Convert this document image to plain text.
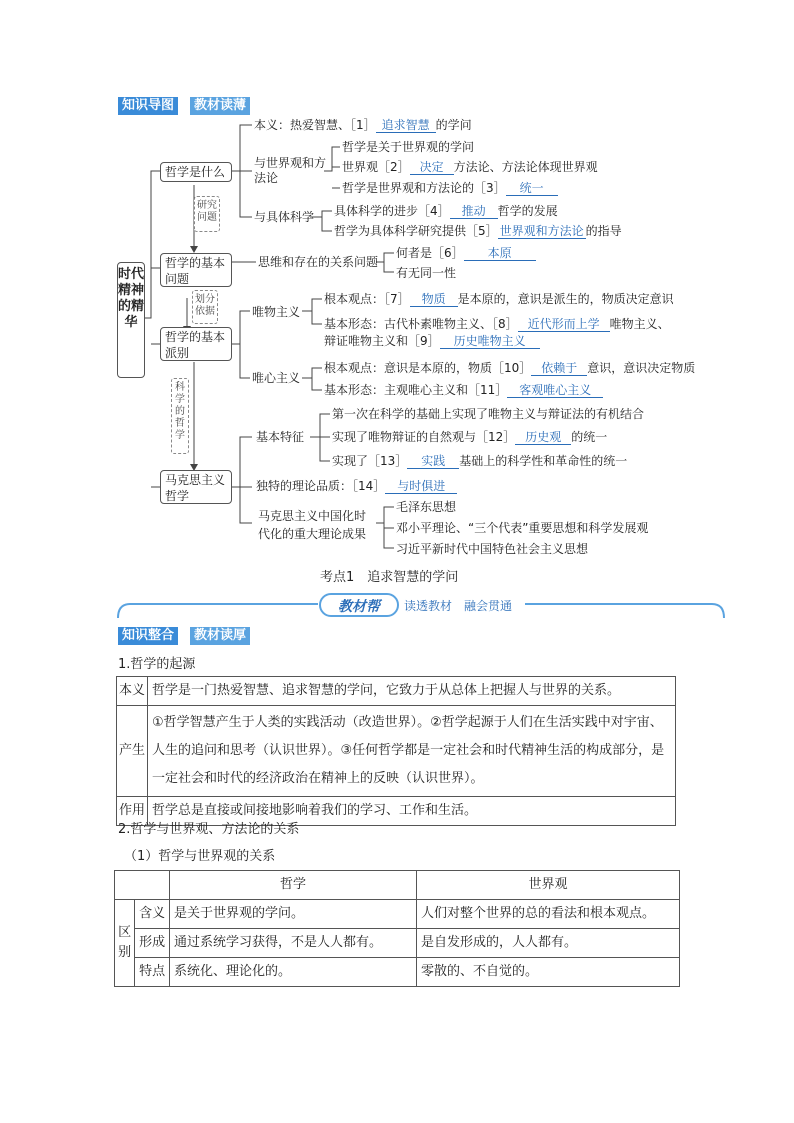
知识导图	教材读薄
时代精神的精华
哲学是什么
哲学的基本问题
哲学的基本派别
马克思主义哲学
研究问题
划分依据
科学的哲学
本义：热爱智慧、［1］ 追求智慧 的学问
与世界观和方法论
哲学是关于世界观的学问
世界观［2］ 决定 方法论、方法论体现世界观
哲学是世界观和方法论的［3］ 统一
与具体科学 具体科学的进步［4］ 推动 哲学的发展
哲学为具体科学研究提供［5］ 世界观和方法论 的指导
思维和存在的关系问题
何者是［6］ 本原
有无同一性
唯物主义
根本观点：［7］ 物质 是本原的，意识是派生的，物质决定意识
基本形态：古代朴素唯物主义、［8］ 近代形而上学 唯物主义、
辩证唯物主义和［9］ 历史唯物主义
唯心主义
根本观点：意识是本原的，物质［10］ 依赖于 意识，意识决定物质
基本形态：主观唯心主义和［11］ 客观唯心主义
基本特征
第一次在科学的基础上实现了唯物主义与辩证法的有机结合
实现了唯物辩证的自然观与［12］ 历史观 的统一
实现了［13］ 实践 基础上的科学性和革命性的统一
独特的理论品质：［14］ 与时俱进
马克思主义中国化时
代化的重大理论成果
毛泽东思想
邓小平理论、“三个代表”重要思想和科学发展观
习近平新时代中国特色社会主义思想
考点1　追求智慧的学问
教材帮	读透教材　融会贯通
知识整合	教材读厚
1.哲学的起源
本义	哲学是一门热爱智慧、追求智慧的学问，它致力于从总体上把握人与世界的关系。
产生	①哲学智慧产生于人类的实践活动（改造世界）。②哲学起源于人们在生活实践中对宇宙、人生的追问和思考（认识世界）。③任何哲学都是一定社会和时代精神生活的构成部分，是一定社会和时代的经济政治在精神上的反映（认识世界）。
作用	哲学总是直接或间接地影响着我们的学习、工作和生活。
2.哲学与世界观、方法论的关系
（1）哲学与世界观的关系
		哲学	世界观
区别	含义	是关于世界观的学问。	人们对整个世界的总的看法和根本观点。
	形成	通过系统学习获得，不是人人都有。	是自发形成的，人人都有。
	特点	系统化、理论化的。	零散的、不自觉的。
